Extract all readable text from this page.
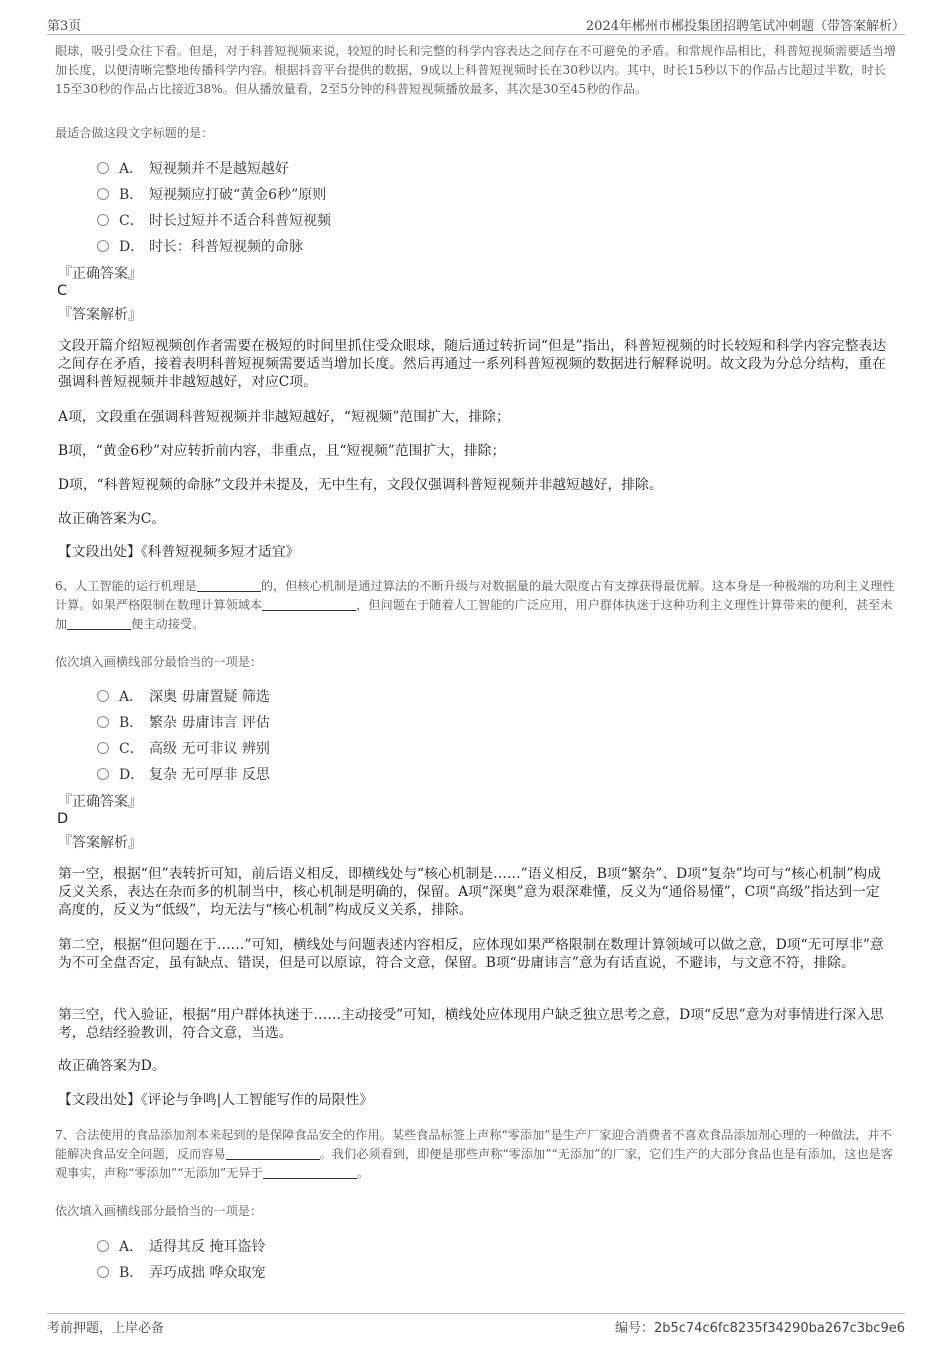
第3页	2024年郴州市郴投集团招聘笔试冲刺题（带答案解析）
眼球，吸引受众往下看。但是，对于科普短视频来说，较短的时长和完整的科学内容表达之间存在不可避免的矛盾。和常规作品相比，科普短视频需要适当增加长度，以便清晰完整地传播科学内容。根据抖音平台提供的数据，9成以上科普短视频时长在30秒以内。其中，时长15秒以下的作品占比超过半数，时长15至30秒的作品占比接近38%。但从播放量看，2至5分钟的科普短视频播放最多，其次是30至45秒的作品。
最适合做这段文字标题的是：
A． 短视频并不是越短越好
B． 短视频应打破“黄金6秒”原则
C． 时长过短并不适合科普短视频
D． 时长：科普短视频的命脉
『正确答案』
C
『答案解析』
文段开篇介绍短视频创作者需要在极短的时间里抓住受众眼球，随后通过转折词“但是”指出，科普短视频的时长较短和科学内容完整表达之间存在矛盾，接着表明科普短视频需要适当增加长度。然后再通过一系列科普短视频的数据进行解释说明。故文段为分总分结构，重在强调科普短视频并非越短越好，对应C项。
A项，文段重在强调科普短视频并非越短越好，“短视频”范围扩大，排除；
B项，“黄金6秒”对应转折前内容，非重点，且“短视频”范围扩大，排除；
D项，“科普短视频的命脉”文段并未提及，无中生有，文段仅强调科普短视频并非越短越好，排除。
故正确答案为C。
【文段出处】《科普短视频多短才适宜》
6、人工智能的运行机理是	的，但核心机制是通过算法的不断升级与对数据量的最大限度占有支撑获得最优解。这本身是一种极端的功利主义理性计算。如果严格限制在数理计算领域本	，但问题在于随着人工智能的广泛应用，用户群体执迷于这种功利主义理性计算带来的便利，甚至未加	便主动接受。
依次填入画横线部分最恰当的一项是：
A． 深奥 毋庸置疑 筛选
B． 繁杂 毋庸讳言 评估
C． 高级 无可非议 辨别
D． 复杂 无可厚非 反思
『正确答案』
D
『答案解析』
第一空，根据“但”表转折可知，前后语义相反，即横线处与“核心机制是……”语义相反，B项“繁杂”、D项“复杂”均可与“核心机制”构成反义关系，表达在杂而多的机制当中，核心机制是明确的，保留。A项“深奥”意为艰深难懂，反义为“通俗易懂”，C项“高级”指达到一定高度的，反义为“低级”，均无法与“核心机制”构成反义关系，排除。
第二空，根据“但问题在于……”可知，横线处与问题表述内容相反，应体现如果严格限制在数理计算领域可以做之意，D项“无可厚非”意为不可全盘否定，虽有缺点、错误，但是可以原谅，符合文意，保留。B项“毋庸讳言”意为有话直说，不避讳，与文意不符，排除。
第三空，代入验证，根据“用户群体执迷于……主动接受”可知，横线处应体现用户缺乏独立思考之意，D项“反思”意为对事情进行深入思考，总结经验教训，符合文意，当选。
故正确答案为D。
【文段出处】《评论与争鸣|人工智能写作的局限性》
7、合法使用的食品添加剂本来起到的是保障食品安全的作用。某些食品标签上声称“零添加”是生产厂家迎合消费者不喜欢食品添加剂心理的一种做法，并不能解决食品安全问题，反而容易	。我们必须看到，即便是那些声称“零添加”“无添加”的厂家，它们生产的大部分食品也是有添加，这也是客观事实，声称“零添加”“无添加”无异于	。
依次填入画横线部分最恰当的一项是：
A． 适得其反 掩耳盗铃
B． 弄巧成拙 哗众取宠
考前押题，上岸必备	编号：2b5c74c6fc8235f34290ba267c3bc9e6
